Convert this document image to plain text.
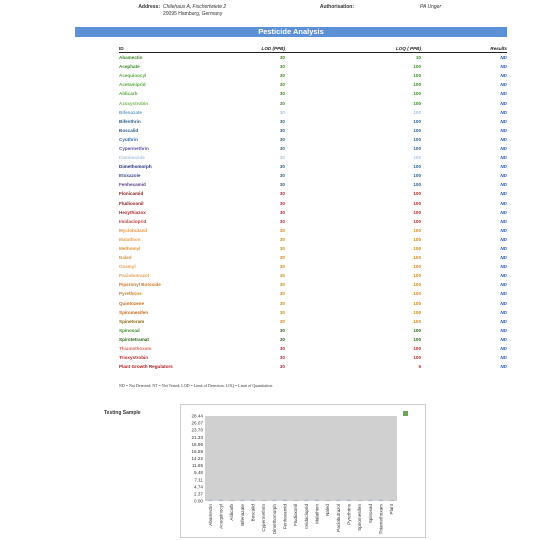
Address: Chilehaus A, Fischertwiete 2
20095 Hamburg, Germany
Authorisation:	PA Unger
Pesticide Analysis
ID	LOD (PPB)	LOQ ( PPB)	Results
Abamectin	30	10	ND
Acephate	30	100	ND
Acequinocyl	30	100	ND
Acetamiprid	30	100	ND
Aldicarb	30	100	ND
Azoxystrobin	30	100	ND
Bifenazate	30	100	ND
Bifenthrin	30	100	ND
Boscalid	30	100	ND
Cyuthrin	30	100	ND
Cypermethrin	30	100	ND
Daminozide	30	100	ND
Dimethomorph	30	100	ND
Etoxazole	30	100	ND
Fenhexamid	30	100	ND
Flonicamid	30	100	ND
Fludioxonil	30	100	ND
Hexythiazox	30	100	ND
Imidacloprid	30	100	ND
Myclobutanil	30	100	ND
Malathion	30	100	ND
Methomyl	30	100	ND
Naled	30	100	ND
Oxamyl	30	100	ND
Paclobutrazol	30	100	ND
Piperonyl Butoxide	30	100	ND
Pyrethrins	30	100	ND
Quintozene	30	100	ND
Spiromesifen	30	100	ND
Spinetoram	30	100	ND
Spinosad	30	100	ND
Spirotetramat	30	100	ND
Thiamethoxam	30	100	ND
Trioxystrobin	30	100	ND
Plant Growth Regulators	30	5	ND
ND = Not Detected; NT = Not Tested; LOD = Limit of Detection; LOQ = Limit of Quantitation
Testing Sample
0.00
2.37
4.74
7.11
9.48
11.85
14.22
16.59
18.96
21.33
23.70
26.07
28.44
Abamectin Acequinocyl Aldicarb Bifenazate Boscalid Cypermethrin Dimethomorph Fenhexamid Fludioxonil Imidacloprid Malathion Naled Paclobutrazol Pyrethrins Spiromesifen Spinosad Thiamethoxam Plant
